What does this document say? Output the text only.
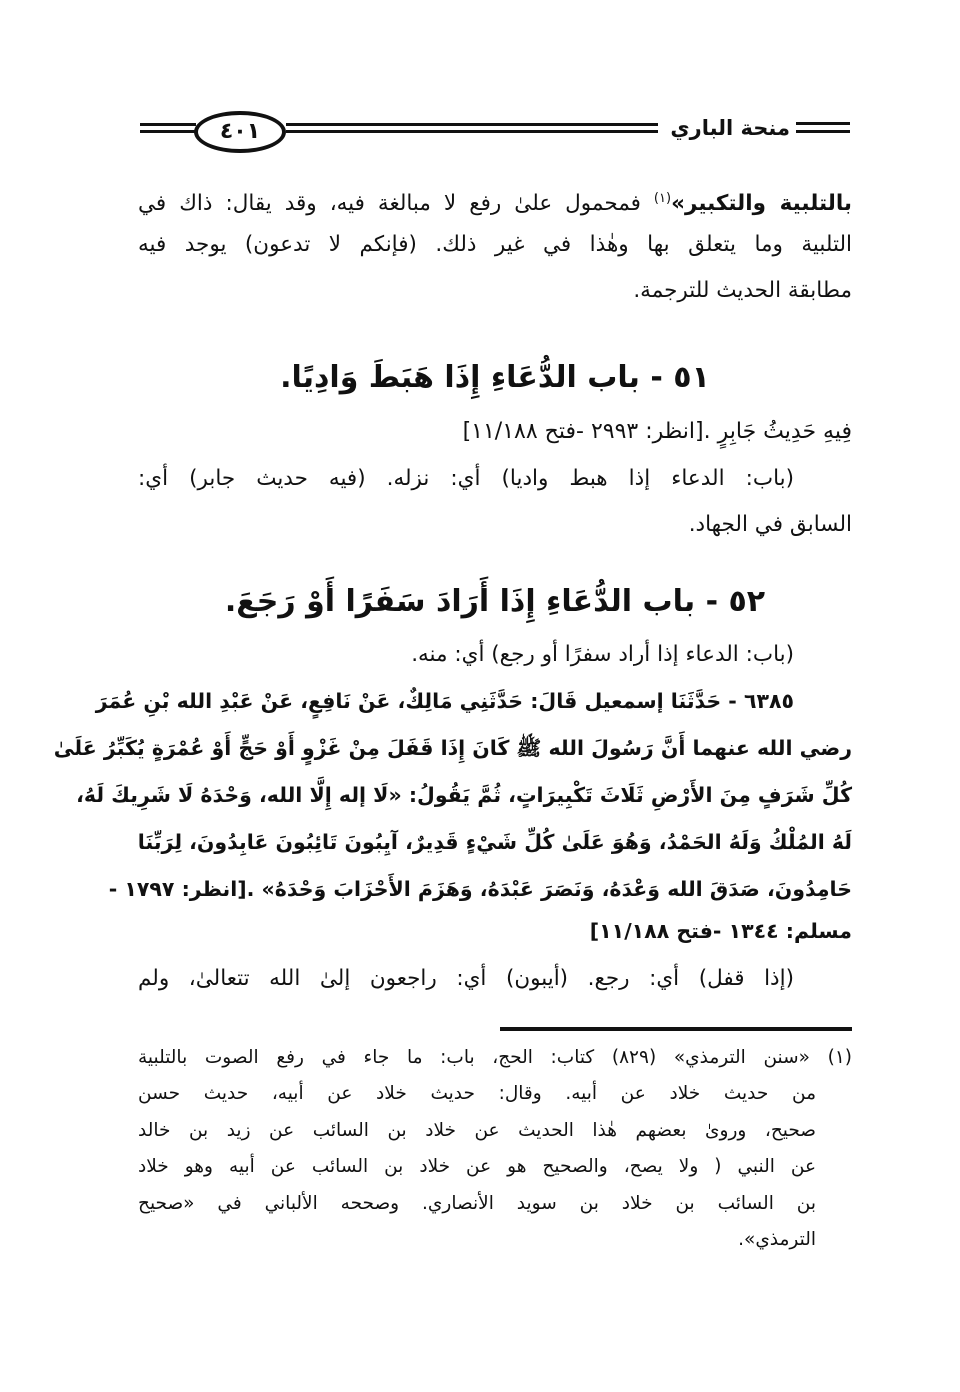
منحة الباري
٤٠١
بالتلبية والتكبير»$^{(١)}$ فمحمول علىٰ رفع لا مبالغة فيه، وقد يقال: ذاك في
التلبية وما يتعلق بها وهٰذا في غير ذلك. (فإنكم لا تدعون) يوجد فيه
مطابقة الحديث للترجمة.
٥١ - باب الدُّعَاءِ إِذَا هَبَطَ وَادِيًا.
فِيهِ حَدِيثُ جَابِرٍ .[انظر: ٢٩٩٣ -فتح ١١/١٨٨]
(باب: الدعاء إذا هبط واديا) أي: نزله. (فيه حديث جابر) أي:
السابق في الجهاد.
٥٢ - باب الدُّعَاءِ إِذَا أَرَادَ سَفَرًا أَوْ رَجَعَ.
(باب: الدعاء إذا أراد سفرًا أو رجع) أي: منه.
٦٣٨٥ - حَدَّثَنَا إسمعيل قَالَ: حَدَّثَنِي مَالِكٌ، عَنْ نَافِعٍ، عَنْ عَبْدِ الله بْنِ عُمَرَ
رضي الله عنهما أَنَّ رَسُولَ الله ﷺ كَانَ إِذَا قَفَلَ مِنْ غَزْوٍ أَوْ حَجٍّ أَوْ عُمْرَةٍ يُكَبِّرُ عَلَىٰ
كُلِّ شَرَفٍ مِنَ الأَرْضِ ثَلَاثَ تَكْبِيرَاتٍ، ثُمَّ يَقُولُ: «لَا إله إِلَّا الله، وَحْدَهُ لَا شَرِيكَ لَهُ،
لَهُ المُلْكُ وَلَهُ الحَمْدُ، وَهُوَ عَلَىٰ كُلِّ شَيْءٍ قَدِيرٌ، آيِبُونَ تَائِبُونَ عَابِدُونَ، لِرَبِّنَا
حَامِدُونَ، صَدَقَ الله وَعْدَهُ، وَنَصَرَ عَبْدَهُ، وَهَزَمَ الأَحْزَابَ وَحْدَهُ» .[انظر: ١٧٩٧ -
مسلم: ١٣٤٤ -فتح ١١/١٨٨]
(إذا قفل) أي: رجع. (أيبون) أي: راجعون إلىٰ الله تتعالىٰ، ولم
(١) «سنن الترمذي» (٨٢٩) كتاب: الحج، باب: ما جاء في رفع الصوت بالتلبية
من حديث خلاد عن أبيه. وقال: حديث خلاد عن أبيه، حديث حسن
صحيح، وروىٰ بعضهم هٰذا الحديث عن خلاد بن السائب عن زيد بن خالد
عن النبي ( ولا يصح، والصحيح هو عن خلاد بن السائب عن أبيه وهو خلاد
بن السائب بن خلاد بن سويد الأنصاري. وصححه الألباني في «صحيح
الترمذي».
